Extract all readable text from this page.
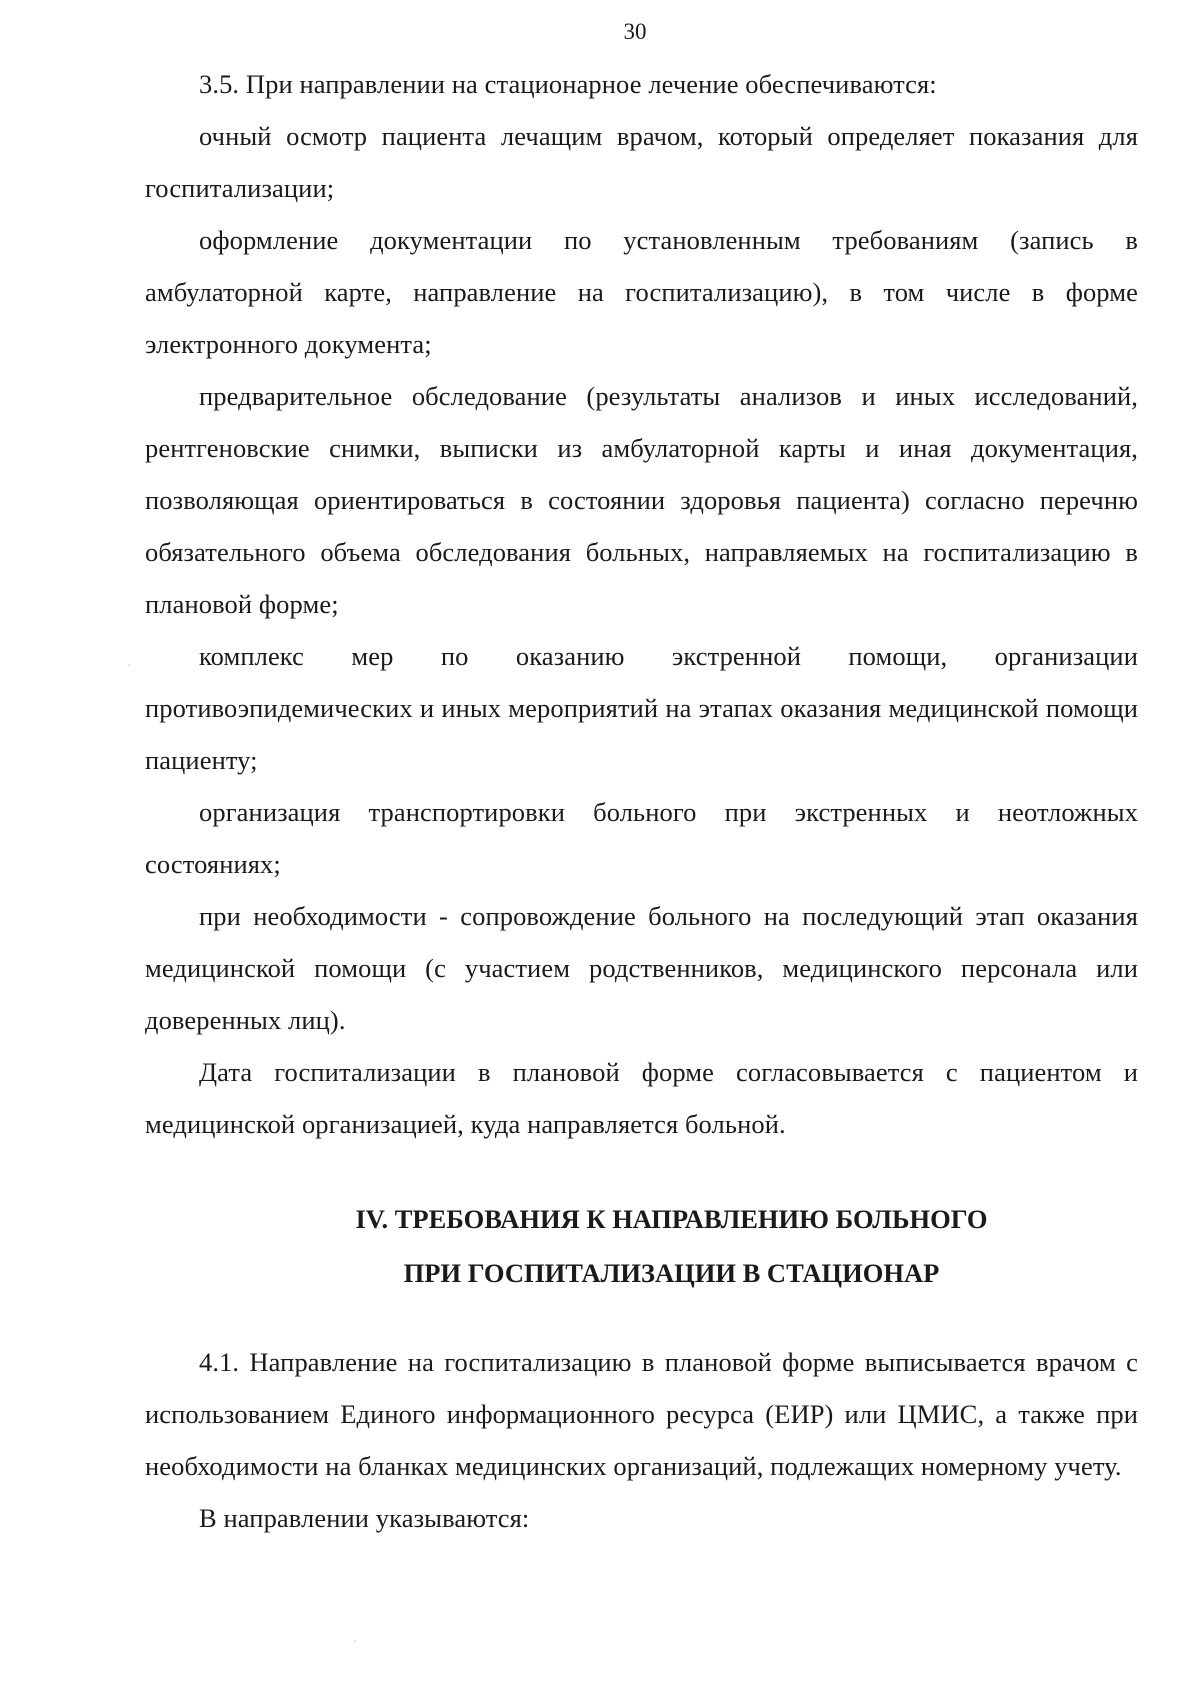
30

3.5. При направлении на стационарное лечение обеспечиваются:

очный осмотр пациента лечащим врачом, который определяет показания для госпитализации;

оформление документации по установленным требованиям (запись в амбулаторной карте, направление на госпитализацию), в том числе в форме электронного документа;

предварительное обследование (результаты анализов и иных исследований, рентгеновские снимки, выписки из амбулаторной карты и иная документация, позволяющая ориентироваться в состоянии здоровья пациента) согласно перечню обязательного объема обследования больных, направляемых на госпитализацию в плановой форме;

комплекс мер по оказанию экстренной помощи, организации противоэпидемических и иных мероприятий на этапах оказания медицинской помощи пациенту;

организация транспортировки больного при экстренных и неотложных состояниях;

при необходимости - сопровождение больного на последующий этап оказания медицинской помощи (с участием родственников, медицинского персонала или доверенных лиц).

Дата госпитализации в плановой форме согласовывается с пациентом и медицинской организацией, куда направляется больной.

IV. ТРЕБОВАНИЯ К НАПРАВЛЕНИЮ БОЛЬНОГО

ПРИ ГОСПИТАЛИЗАЦИИ В СТАЦИОНАР

4.1. Направление на госпитализацию в плановой форме выписывается врачом с использованием Единого информационного ресурса (ЕИР) или ЦМИС, а также при необходимости на бланках медицинских организаций, подлежащих номерному учету.

В направлении указываются:
